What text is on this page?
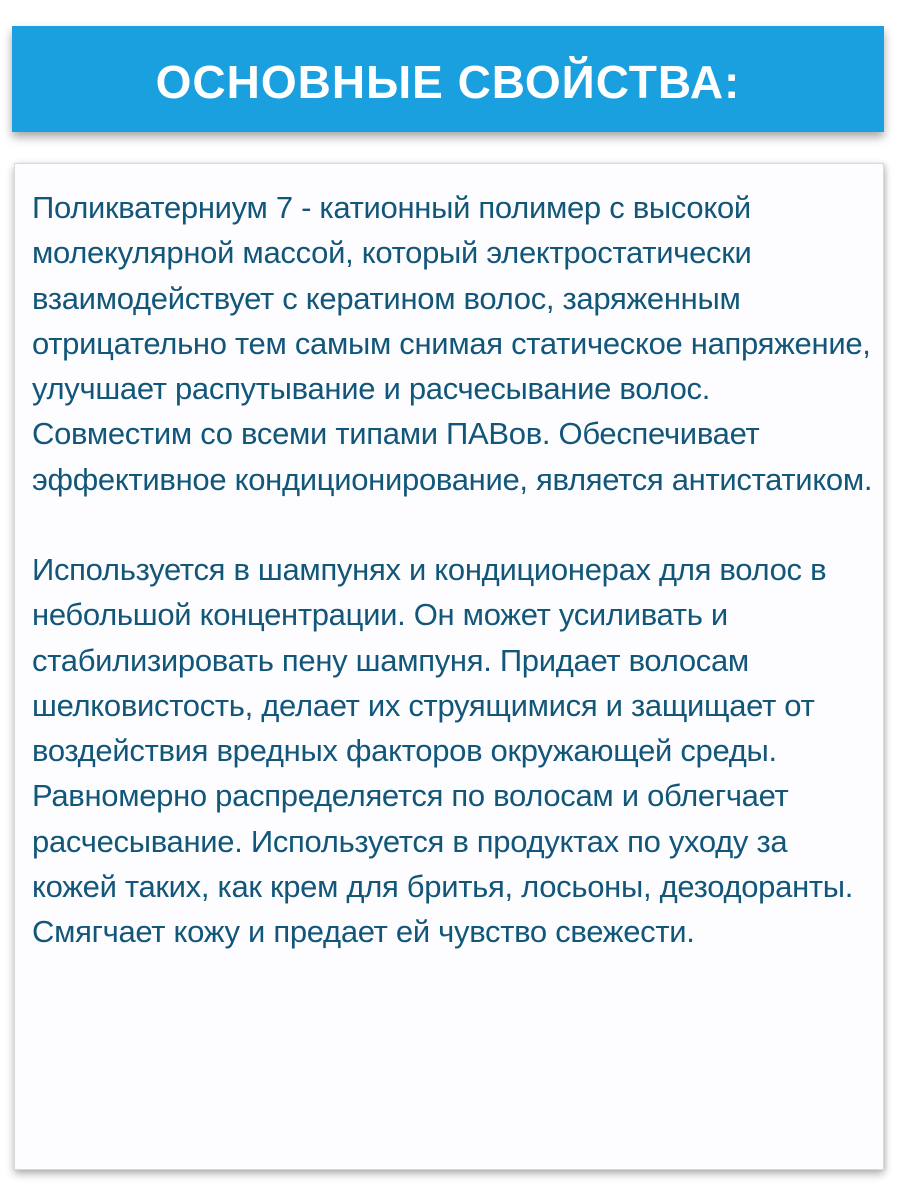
ОСНОВНЫЕ СВОЙСТВА:

Поликватерниум 7 - катионный полимер с высокой молекулярной массой, который электростатически взаимодействует с кератином волос, заряженным отрицательно тем самым снимая статическое напряжение, улучшает распутывание и расчесывание волос. Совместим со всеми типами ПАВов. Обеспечивает эффективное кондиционирование, является антистатиком.

Используется в шампунях и кондиционерах для волос в небольшой концентрации. Он может усиливать и стабилизировать пену шампуня. Придает волосам шелковистость, делает их струящимися и защищает от воздействия вредных факторов окружающей среды. Равномерно распределяется по волосам и облегчает расчесывание. Используется в продуктах по уходу за кожей таких, как крем для бритья, лосьоны, дезодоранты. Смягчает кожу и предает ей чувство свежести.
